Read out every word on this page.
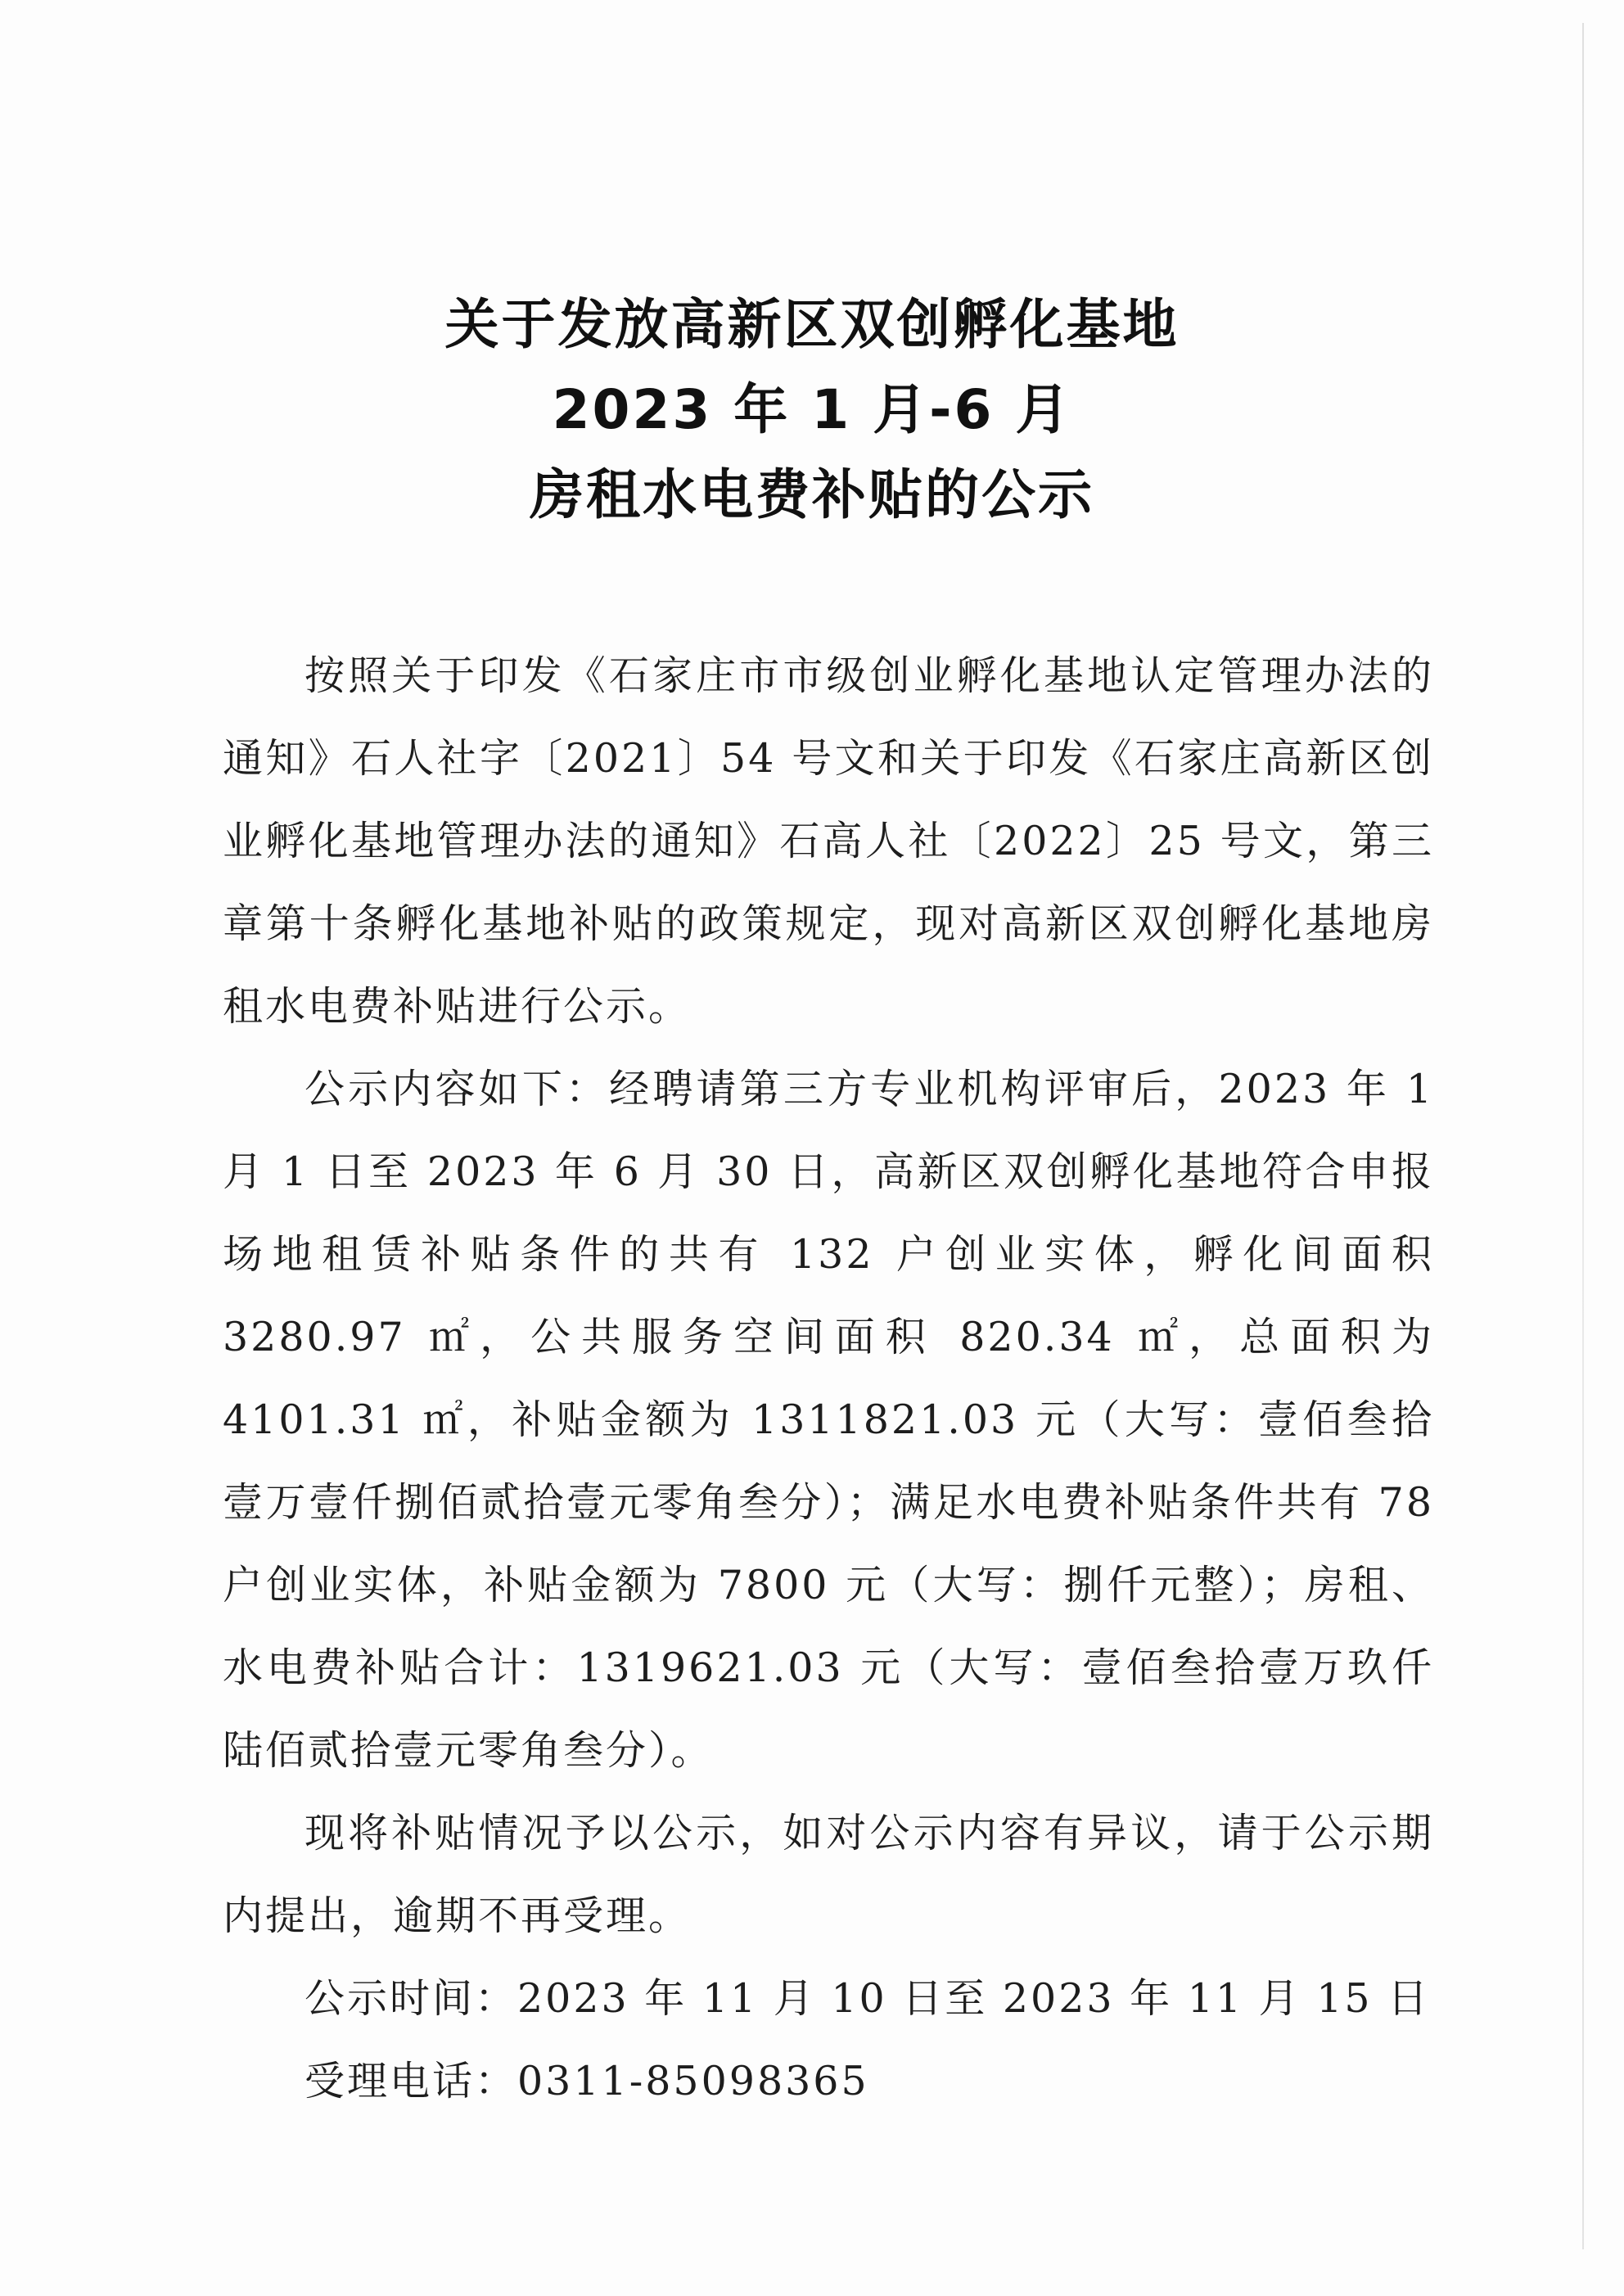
关于发放高新区双创孵化基地
2023 年 1 月-6 月
房租水电费补贴的公示

按照关于印发《石家庄市市级创业孵化基地认定管理办法的通知》石人社字〔2021〕54 号文和关于印发《石家庄高新区创业孵化基地管理办法的通知》石高人社〔2022〕25 号文，第三章第十条孵化基地补贴的政策规定，现对高新区双创孵化基地房租水电费补贴进行公示。

公示内容如下：经聘请第三方专业机构评审后，2023 年 1 月 1 日至 2023 年 6 月 30 日，高新区双创孵化基地符合申报场地租赁补贴条件的共有 132 户创业实体，孵化间面积 3280.97 ㎡，公共服务空间面积 820.34 ㎡，总面积为 4101.31 ㎡，补贴金额为 1311821.03 元（大写：壹佰叁拾壹万壹仟捌佰贰拾壹元零角叁分）；满足水电费补贴条件共有 78 户创业实体，补贴金额为 7800 元（大写：捌仟元整）；房租、水电费补贴合计：1319621.03 元（大写：壹佰叁拾壹万玖仟陆佰贰拾壹元零角叁分）。

现将补贴情况予以公示，如对公示内容有异议，请于公示期内提出，逾期不再受理。

公示时间：2023 年 11 月 10 日至 2023 年 11 月 15 日

受理电话：0311-85098365
